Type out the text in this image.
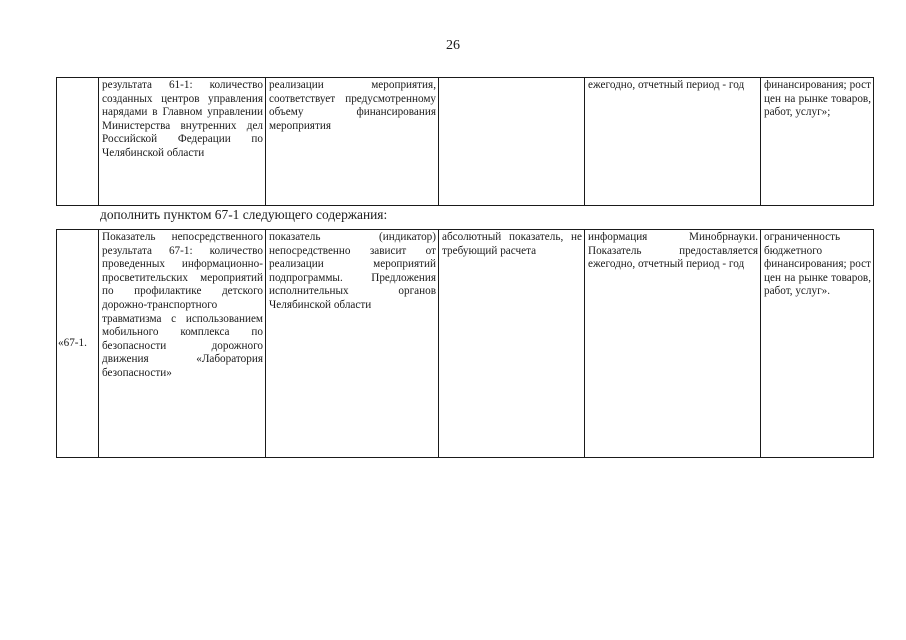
26
	результата 61-1: количество созданных центров управления нарядами в Главном управлении Министерства внутренних дел Российской Федерации по Челябинской области	реализации мероприятия, соответствует предусмотренному объему финансирования мероприятия		ежегодно, отчетный период - год	финансирования; рост цен на рынке товаров, работ, услуг»;
дополнить пунктом 67-1 следующего содержания:
«67-1.	Показатель непосредственного результата 67-1: количество проведенных информационно-просветительских мероприятий по профилактике детского дорожно-транспортного травматизма с использованием мобильного комплекса по безопасности дорожного движения «Лаборатория безопасности»	показатель (индикатор) непосредственно зависит от реализации мероприятий подпрограммы. Предложения исполнительных органов Челябинской области	абсолютный показатель, не требующий расчета	информация Минобрнауки. Показатель предоставляется ежегодно, отчетный период - год	ограниченность бюджетного финансирования; рост цен на рынке товаров, работ, услуг».
